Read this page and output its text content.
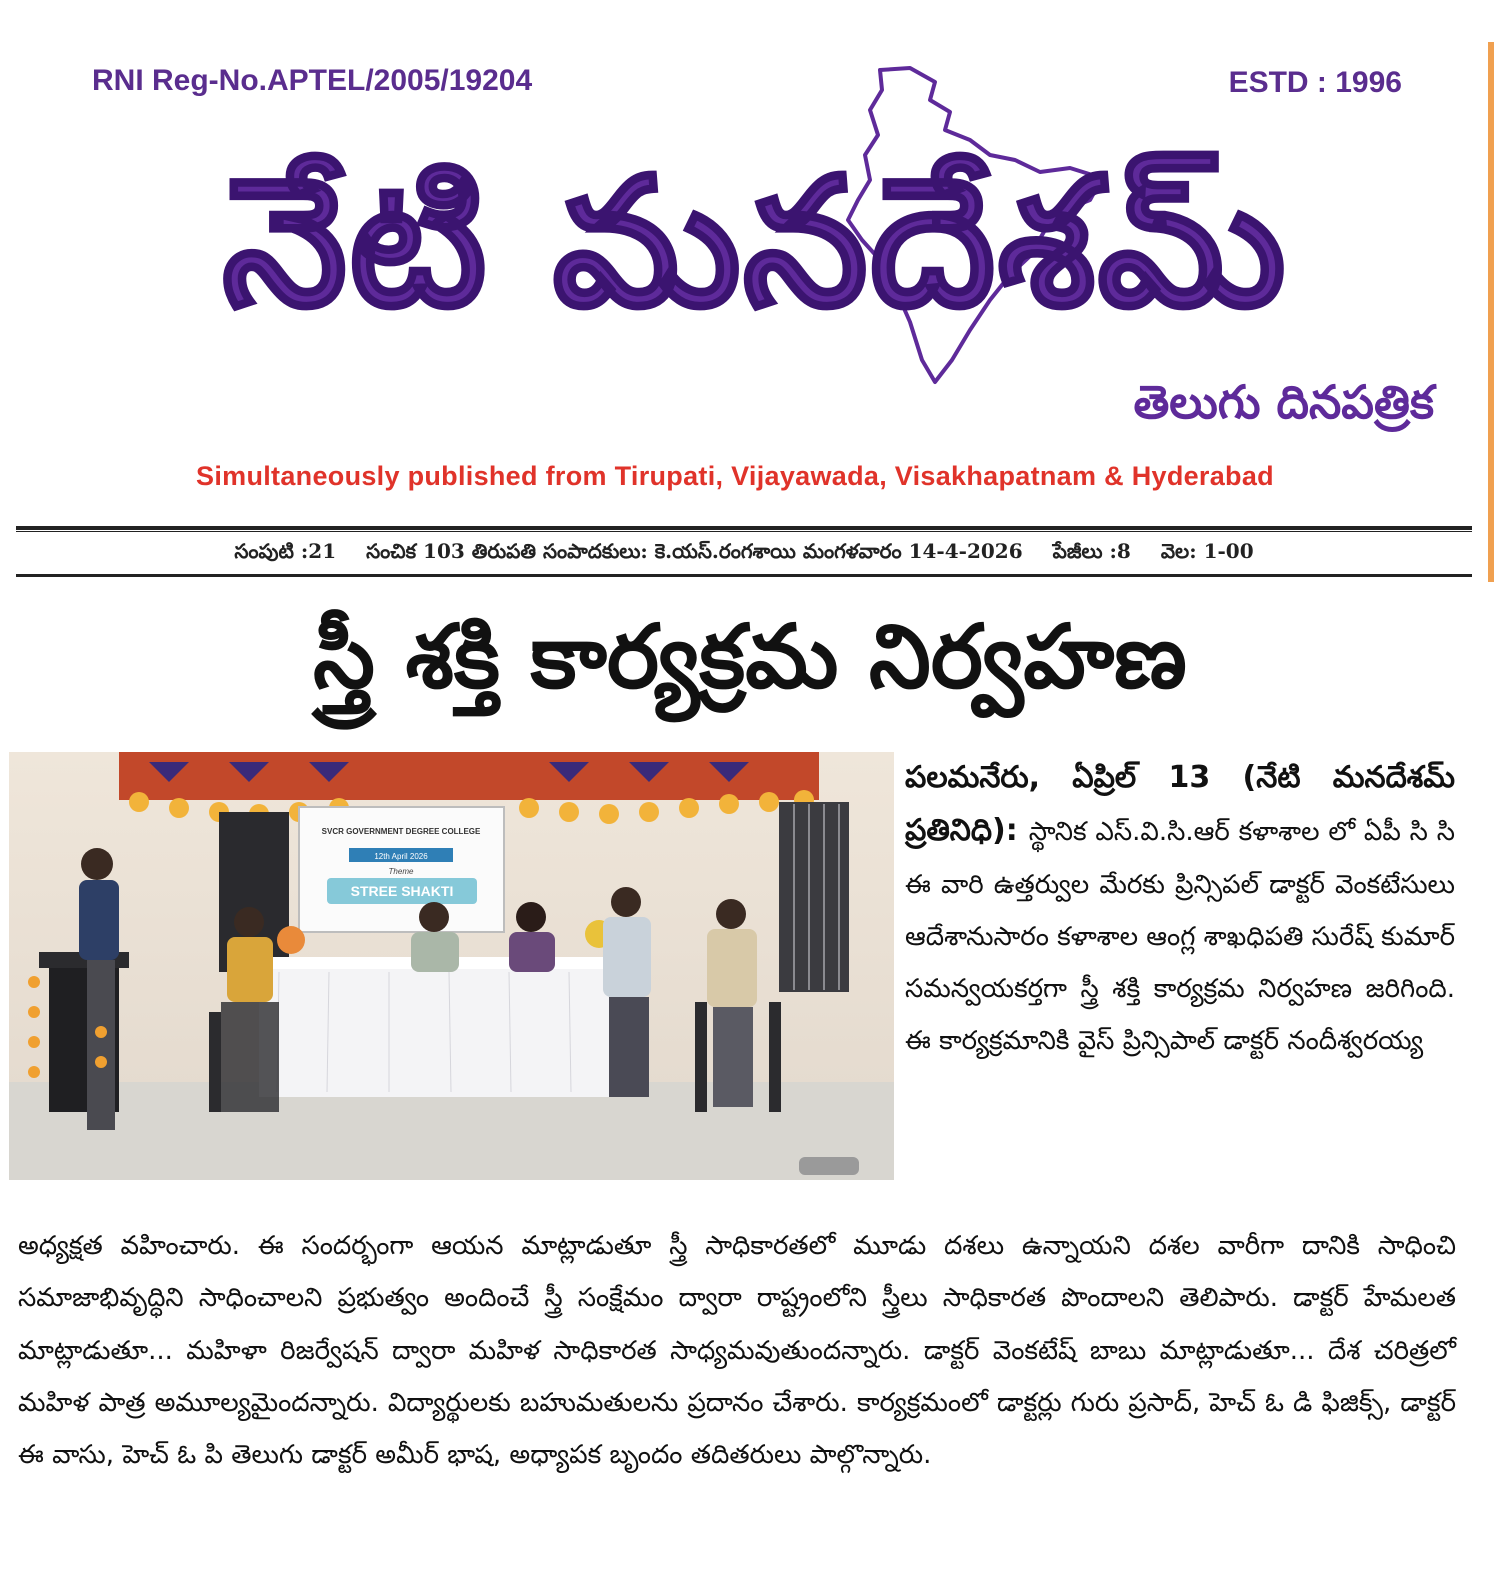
RNI Reg-No.APTEL/2005/19204	ESTD : 1996
నేటి మనదేశమ్
తెలుగు దినపత్రిక
Simultaneously published from Tirupati, Vijayawada, Visakhapatnam & Hyderabad
సంపుటి :21 సంచిక 103 తిరుపతి సంపాదకులు: కె.యస్.రంగశాయి మంగళవారం 14-4-2026 పేజీలు :8 వెల: 1-00
స్త్రీ శక్తి కార్యక్రమ నిర్వహణ
SVCR GOVERNMENT DEGREE COLLEGE
12th April 2026
Theme
STREE SHAKTI
పలమనేరు, ఏప్రిల్ 13 (నేటి మనదేశమ్ ప్రతినిధి): స్థానిక ఎస్.వి.సి.ఆర్ కళాశాల లో ఏపీ సి సి ఈ వారి ఉత్తర్వుల మేరకు ప్రిన్సిపల్ డాక్టర్ వెంకటేసులు ఆదేశానుసారం కళాశాల ఆంగ్ల శాఖధిపతి సురేష్ కుమార్ సమన్వయకర్తగా స్త్రీ శక్తి కార్యక్రమ నిర్వహణ జరిగింది. ఈ కార్యక్రమానికి వైస్ ప్రిన్సిపాల్ డాక్టర్ నందీశ్వరయ్య
అధ్యక్షత వహించారు. ఈ సందర్భంగా ఆయన మాట్లాడుతూ స్త్రీ సాధికారతలో మూడు దశలు ఉన్నాయని దశల వారీగా దానికి సాధించి సమాజాభివృద్ధిని సాధించాలని ప్రభుత్వం అందించే స్త్రీ సంక్షేమం ద్వారా రాష్ట్రంలోని స్త్రీలు సాధికారత పొందాలని తెలిపారు. డాక్టర్ హేమలత మాట్లాడుతూ... మహిళా రిజర్వేషన్ ద్వారా మహిళ సాధికారత సాధ్యమవుతుందన్నారు. డాక్టర్ వెంకటేష్ బాబు మాట్లాడుతూ... దేశ చరిత్రలో మహిళ పాత్ర అమూల్యమైందన్నారు. విద్యార్థులకు బహుమతులను ప్రదానం చేశారు. కార్యక్రమంలో డాక్టర్లు గురు ప్రసాద్, హెచ్ ఓ డి ఫిజిక్స్, డాక్టర్ ఈ వాసు, హెచ్ ఓ పి తెలుగు డాక్టర్ అమీర్ భాష, అధ్యాపక బృందం తదితరులు పాల్గొన్నారు.
